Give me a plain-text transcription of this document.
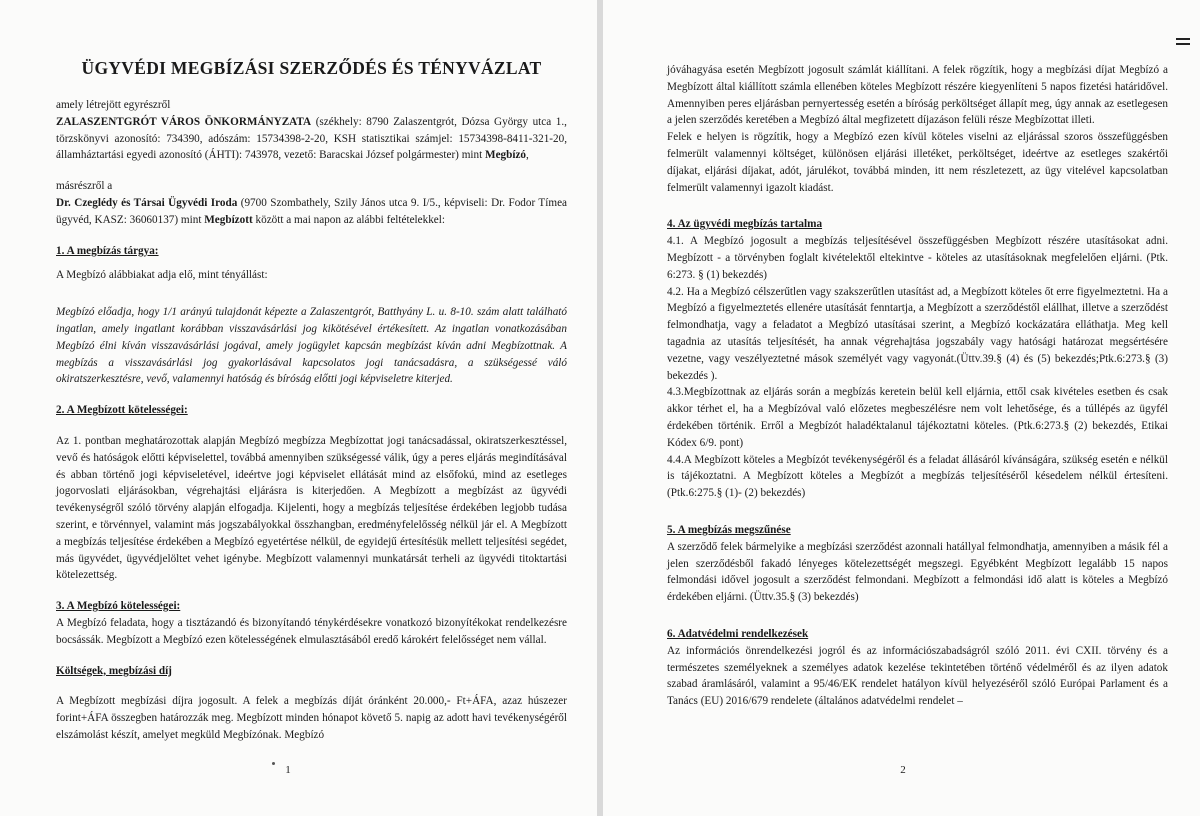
ÜGYVÉDI MEGBÍZÁSI SZERZŐDÉS ÉS TÉNYVÁZLAT

amely létrejött egyrészről

ZALASZENTGRÓT VÁROS ÖNKORMÁNYZATA (székhely: 8790 Zalaszentgrót, Dózsa György utca 1., törzskönyvi azonosító: 734390, adószám: 15734398-2-20, KSH statisztikai számjel: 15734398-8411-321-20, államháztartási egyedi azonosító (ÁHTI): 743978, vezető: Baracskai József polgármester) mint Megbízó,

másrészről a

Dr. Czeglédy és Társai Ügyvédi Iroda (9700 Szombathely, Szily János utca 9. I/5., képviseli: Dr. Fodor Tímea ügyvéd, KASZ: 36060137) mint Megbízott között a mai napon az alábbi feltételekkel:

1. A megbízás tárgya:

A Megbízó alábbiakat adja elő, mint tényállást:

Megbízó előadja, hogy 1/1 arányú tulajdonát képezte a Zalaszentgrót, Batthyány L. u. 8-10. szám alatt található ingatlan, amely ingatlant korábban visszavásárlási jog kikötésével értékesített. Az ingatlan vonatkozásában Megbízó élni kíván visszavásárlási jogával, amely jogügylet kapcsán megbízást kíván adni Megbízottnak. A megbízás a visszavásárlási jog gyakorlásával kapcsolatos jogi tanácsadásra, a szükségessé váló okiratszerkesztésre, vevő, valamennyi hatóság és bíróság előtti jogi képviseletre kiterjed.

2. A Megbízott kötelességei:

Az 1. pontban meghatározottak alapján Megbízó megbízza Megbízottat jogi tanácsadással, okiratszerkesztéssel, vevő és hatóságok előtti képviselettel, továbbá amennyiben szükségessé válik, úgy a peres eljárás megindításával és abban történő jogi képviseletével, ideértve jogi képviselet ellátását mind az elsőfokú, mind az esetleges jogorvoslati eljárásokban, végrehajtási eljárásra is kiterjedően. A Megbízott a megbízást az ügyvédi tevékenységről szóló törvény alapján elfogadja. Kijelenti, hogy a megbízás teljesítése érdekében legjobb tudása szerint, e törvénnyel, valamint más jogszabályokkal összhangban, eredményfelelősség nélkül jár el. A Megbízott a megbízás teljesítése érdekében a Megbízó egyetértése nélkül, de egyidejű értesítésük mellett teljesítési segédet, más ügyvédet, ügyvédjelöltet vehet igénybe. Megbízott valamennyi munkatársát terheli az ügyvédi titoktartási kötelezettség.

3. A Megbízó kötelességei:

A Megbízó feladata, hogy a tisztázandó és bizonyítandó ténykérdésekre vonatkozó bizonyítékokat rendelkezésre bocsássák. Megbízott a Megbízó ezen kötelességének elmulasztásából eredő károkért felelősséget nem vállal.

Költségek, megbízási díj

A Megbízott megbízási díjra jogosult. A felek a megbízás díját óránként 20.000,- Ft+ÁFA, azaz húszezer forint+ÁFA összegben határozzák meg. Megbízott minden hónapot követő 5. napig az adott havi tevékenységéről elszámolást készít, amelyet megküld Megbízónak. Megbízó

1

jóváhagyása esetén Megbízott jogosult számlát kiállítani. A felek rögzítik, hogy a megbízási díjat Megbízó a Megbízott által kiállított számla ellenében köteles Megbízott részére kiegyenlíteni 5 napos fizetési határidővel. Amennyiben peres eljárásban pernyertesség esetén a bíróság perköltséget állapít meg, úgy annak az esetlegesen a jelen szerződés keretében a Megbízó által megfizetett díjazáson felüli része Megbízottat illeti.

Felek e helyen is rögzítik, hogy a Megbízó ezen kívül köteles viselni az eljárással szoros összefüggésben felmerült valamennyi költséget, különösen eljárási illetéket, perköltséget, ideértve az esetleges szakértői díjakat, eljárási díjakat, adót, járulékot, továbbá minden, itt nem részletezett, az ügy vitelével kapcsolatban felmerült valamennyi igazolt kiadást.

4. Az ügyvédi megbízás tartalma

4.1. A Megbízó jogosult a megbízás teljesítésével összefüggésben Megbízott részére utasításokat adni. Megbízott - a törvényben foglalt kivételektől eltekintve - köteles az utasításoknak megfelelően eljárni. (Ptk. 6:273. § (1) bekezdés)

4.2. Ha a Megbízó célszerűtlen vagy szakszerűtlen utasítást ad, a Megbízott köteles őt erre figyelmeztetni. Ha a Megbízó a figyelmeztetés ellenére utasítását fenntartja, a Megbízott a szerződéstől elállhat, illetve a szerződést felmondhatja, vagy a feladatot a Megbízó utasításai szerint, a Megbízó kockázatára elláthatja. Meg kell tagadnia az utasítás teljesítését, ha annak végrehajtása jogszabály vagy hatósági határozat megsértésére vezetne, vagy veszélyeztetné mások személyét vagy vagyonát.(Üttv.39.§ (4) és (5) bekezdés;Ptk.6:273.§ (3) bekezdés ).

4.3.Megbízottnak az eljárás során a megbízás keretein belül kell eljárnia, ettől csak kivételes esetben és csak akkor térhet el, ha a Megbízóval való előzetes megbeszélésre nem volt lehetősége, és a túllépés az ügyfél érdekében történik. Erről a Megbízót haladéktalanul tájékoztatni köteles. (Ptk.6:273.§ (2) bekezdés, Etikai Kódex 6/9. pont)

4.4.A Megbízott köteles a Megbízót tevékenységéről és a feladat állásáról kívánságára, szükség esetén e nélkül is tájékoztatni. A Megbízott köteles a Megbízót a megbízás teljesítéséről késedelem nélkül értesíteni. (Ptk.6:275.§ (1)- (2) bekezdés)

5. A megbízás megszűnése

A szerződő felek bármelyike a megbízási szerződést azonnali hatállyal felmondhatja, amennyiben a másik fél a jelen szerződésből fakadó lényeges kötelezettségét megszegi. Egyébként Megbízott legalább 15 napos felmondási idővel jogosult a szerződést felmondani. Megbízott a felmondási idő alatt is köteles a Megbízó érdekében eljárni. (Üttv.35.§ (3) bekezdés)

6. Adatvédelmi rendelkezések

Az információs önrendelkezési jogról és az információszabadságról szóló 2011. évi CXII. törvény és a természetes személyeknek a személyes adatok kezelése tekintetében történő védelméről és az ilyen adatok szabad áramlásáról, valamint a 95/46/EK rendelet hatályon kívül helyezéséről szóló Európai Parlament és a Tanács (EU) 2016/679 rendelete (általános adatvédelmi rendelet –

2
